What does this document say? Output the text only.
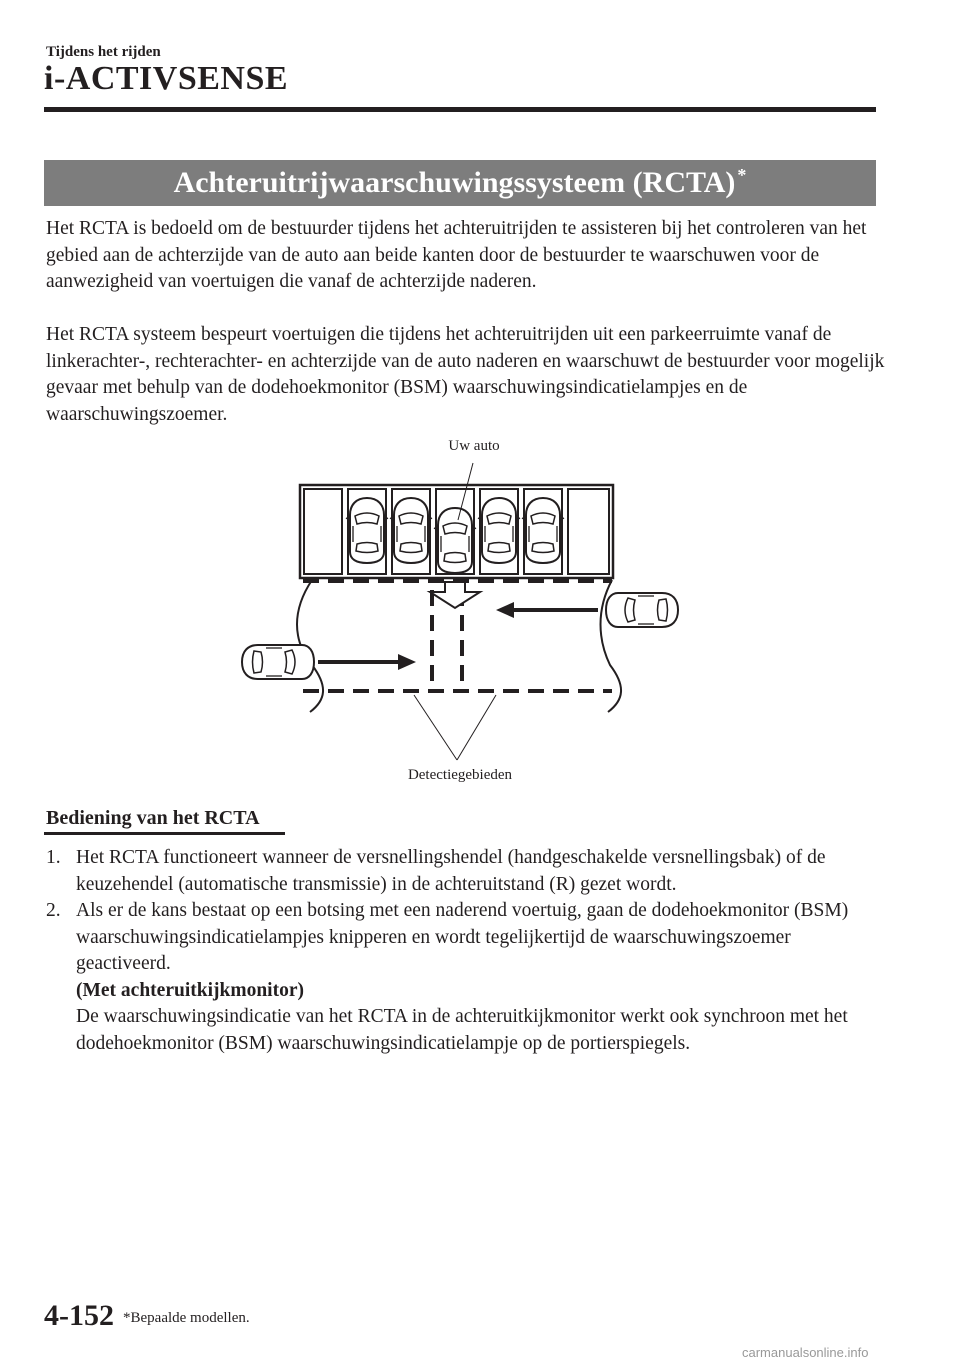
Tijdens het rijden
i-ACTIVSENSE
Achteruitrijwaarschuwingssysteem (RCTA) *
Het RCTA is bedoeld om de bestuurder tijdens het achteruitrijden te assisteren bij het controleren van het gebied aan de achterzijde van de auto aan beide kanten door de bestuurder te waarschuwen voor de aanwezigheid van voertuigen die vanaf de achterzijde naderen.
Het RCTA systeem bespeurt voertuigen die tijdens het achteruitrijden uit een parkeerruimte vanaf de linkerachter-, rechterachter- en achterzijde van de auto naderen en waarschuwt de bestuurder voor mogelijk gevaar met behulp van de dodehoekmonitor (BSM) waarschuwingsindicatielampjes en de waarschuwingszoemer.
Uw auto
Detectiegebieden
Bediening van het RCTA
1. Het RCTA functioneert wanneer de versnellingshendel (handgeschakelde versnellingsbak) of de keuzehendel (automatische transmissie) in de achteruitstand (R) gezet wordt.
2. Als er de kans bestaat op een botsing met een naderend voertuig, gaan de dodehoekmonitor (BSM) waarschuwingsindicatielampjes knipperen en wordt tegelijkertijd de waarschuwingszoemer geactiveerd.
(Met achteruitkijkmonitor)
De waarschuwingsindicatie van het RCTA in de achteruitkijkmonitor werkt ook synchroon met het dodehoekmonitor (BSM) waarschuwingsindicatielampje op de portierspiegels.
4-152 *Bepaalde modellen.
carmanualsonline.info
